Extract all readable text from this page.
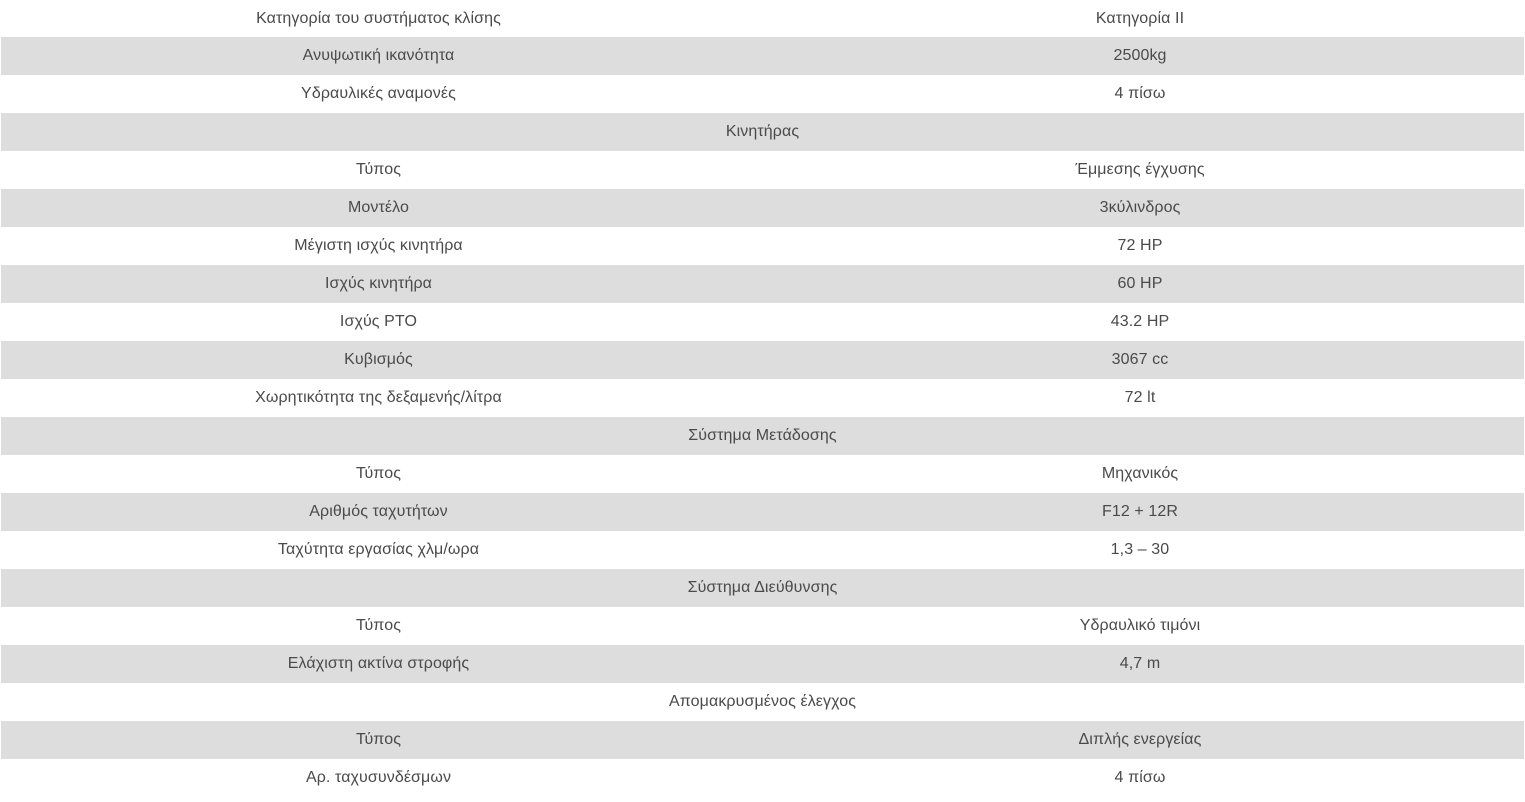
Κατηγορία του συστήματος κλίσης	Κατηγορία II
Ανυψωτική ικανότητα	2500kg
Υδραυλικές αναμονές	4 πίσω
Κινητήρας	
Τύπος	Έμμεσης έγχυσης
Μοντέλο	3κύλινδρος
Μέγιστη ισχύς κινητήρα	72 HP
Ισχύς κινητήρα	60 HP
Ισχύς PTO	43.2 HP
Κυβισμός	3067 cc
Χωρητικότητα της δεξαμενής/λίτρα	72 lt
Σύστημα Μετάδοσης	
Τύπος	Μηχανικός
Αριθμός ταχυτήτων	F12 + 12R
Ταχύτητα εργασίας χλμ/ωρα	1,3 – 30
Σύστημα Διεύθυνσης	
Τύπος	Υδραυλικό τιμόνι
Ελάχιστη ακτίνα στροφής	4,7 m
Απομακρυσμένος έλεγχος	
Τύπος	Διπλής ενεργείας
Αρ. ταχυσυνδέσμων	4 πίσω
